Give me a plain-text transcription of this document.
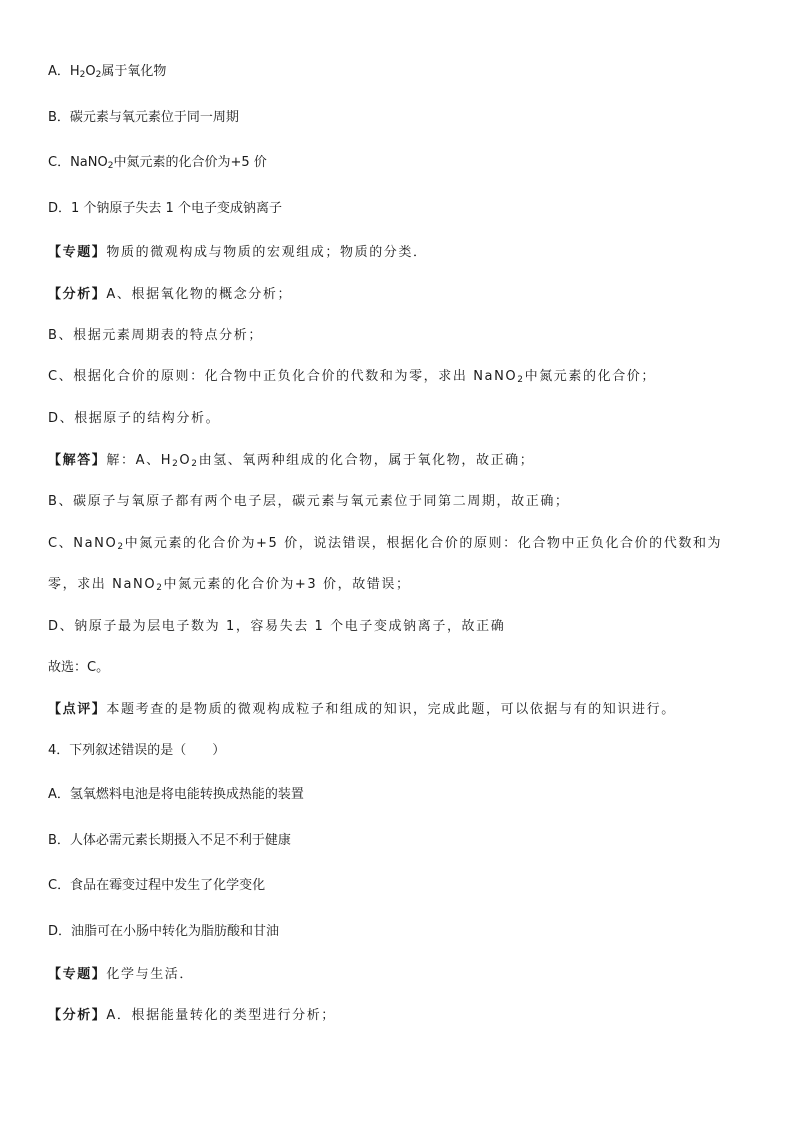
A．$H_2O_2$属于氧化物
B．碳元素与氧元素位于同一周期
C．NaNO$_2$中氮元素的化合价为+5 价
D．1 个钠原子失去 1 个电子变成钠离子
【专题】物质的微观构成与物质的宏观组成；物质的分类．
【分析】A、根据氧化物的概念分析；
B、根据元素周期表的特点分析；
C、根据化合价的原则：化合物中正负化合价的代数和为零，求出 NaNO$_2$中氮元素的化合价；
D、根据原子的结构分析。
【解答】解：A、$H_2O_2$由氢、氧两种组成的化合物，属于氧化物，故正确；
B、碳原子与氧原子都有两个电子层，碳元素与氧元素位于同第二周期，故正确；
C、NaNO$_2$中氮元素的化合价为+5 价，说法错误，根据化合价的原则：化合物中正负化合价的代数和为
零，求出 NaNO$_2$中氮元素的化合价为+3 价，故错误；
D、钠原子最为层电子数为 1，容易失去 1 个电子变成钠离子，故正确
故选：C。
【点评】本题考查的是物质的微观构成粒子和组成的知识，完成此题，可以依据与有的知识进行。
4．下列叙述错误的是（　　）
A．氢氧燃料电池是将电能转换成热能的装置
B．人体必需元素长期摄入不足不利于健康
C．食品在霉变过程中发生了化学变化
D．油脂可在小肠中转化为脂肪酸和甘油
【专题】化学与生活．
【分析】A．根据能量转化的类型进行分析；
